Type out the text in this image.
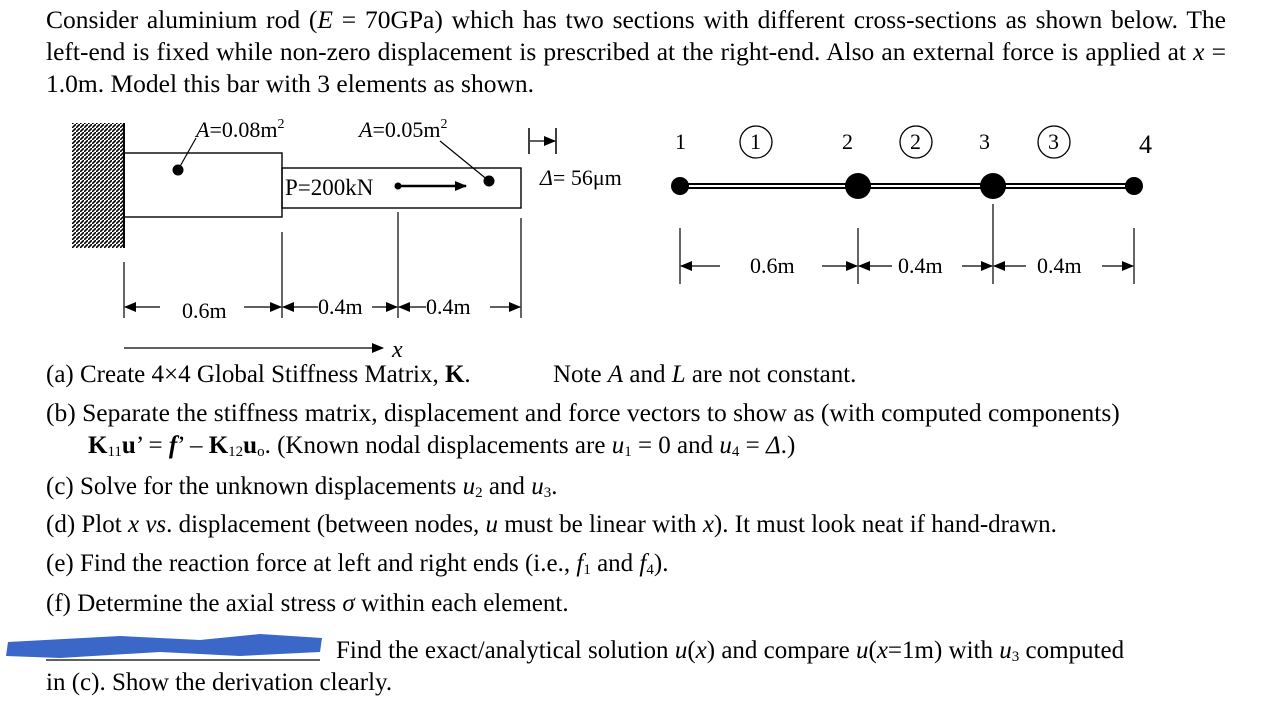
Consider aluminium rod (E = 70GPa) which has two sections with different cross-sections as shown below. The left-end is fixed while non-zero displacement is prescribed at the right-end. Also an external force is applied at x = 1.0m. Model this bar with 3 elements as shown.
$A=0.08m^2$	$A=0.05m^2$
P=200kN	Δ= 56μm
0.6m	0.4m	0.4m
x
1	2	3	4
1	2	3
0.6m	0.4m	0.4m
(a) Create 4×4 Global Stiffness Matrix, K.	Note A and L are not constant.
(b) Separate the stiffness matrix, displacement and force vectors to show as (with computed components)
$K_{11}u$’ = f’ – $K_{12}u_o$. (Known nodal displacements are $u_1 = 0$ and $u_4 = \Delta$.)
(c) Solve for the unknown displacements $u_2$ and $u_3$.
(d) Plot x vs. displacement (between nodes, u must be linear with x). It must look neat if hand-drawn.
(e) Find the reaction force at left and right ends (i.e., $f_1$ and $f_4$).
(f) Determine the axial stress σ within each element.
Find the exact/analytical solution u(x) and compare u(x=1m) with $u_3$ computed
in (c). Show the derivation clearly.
